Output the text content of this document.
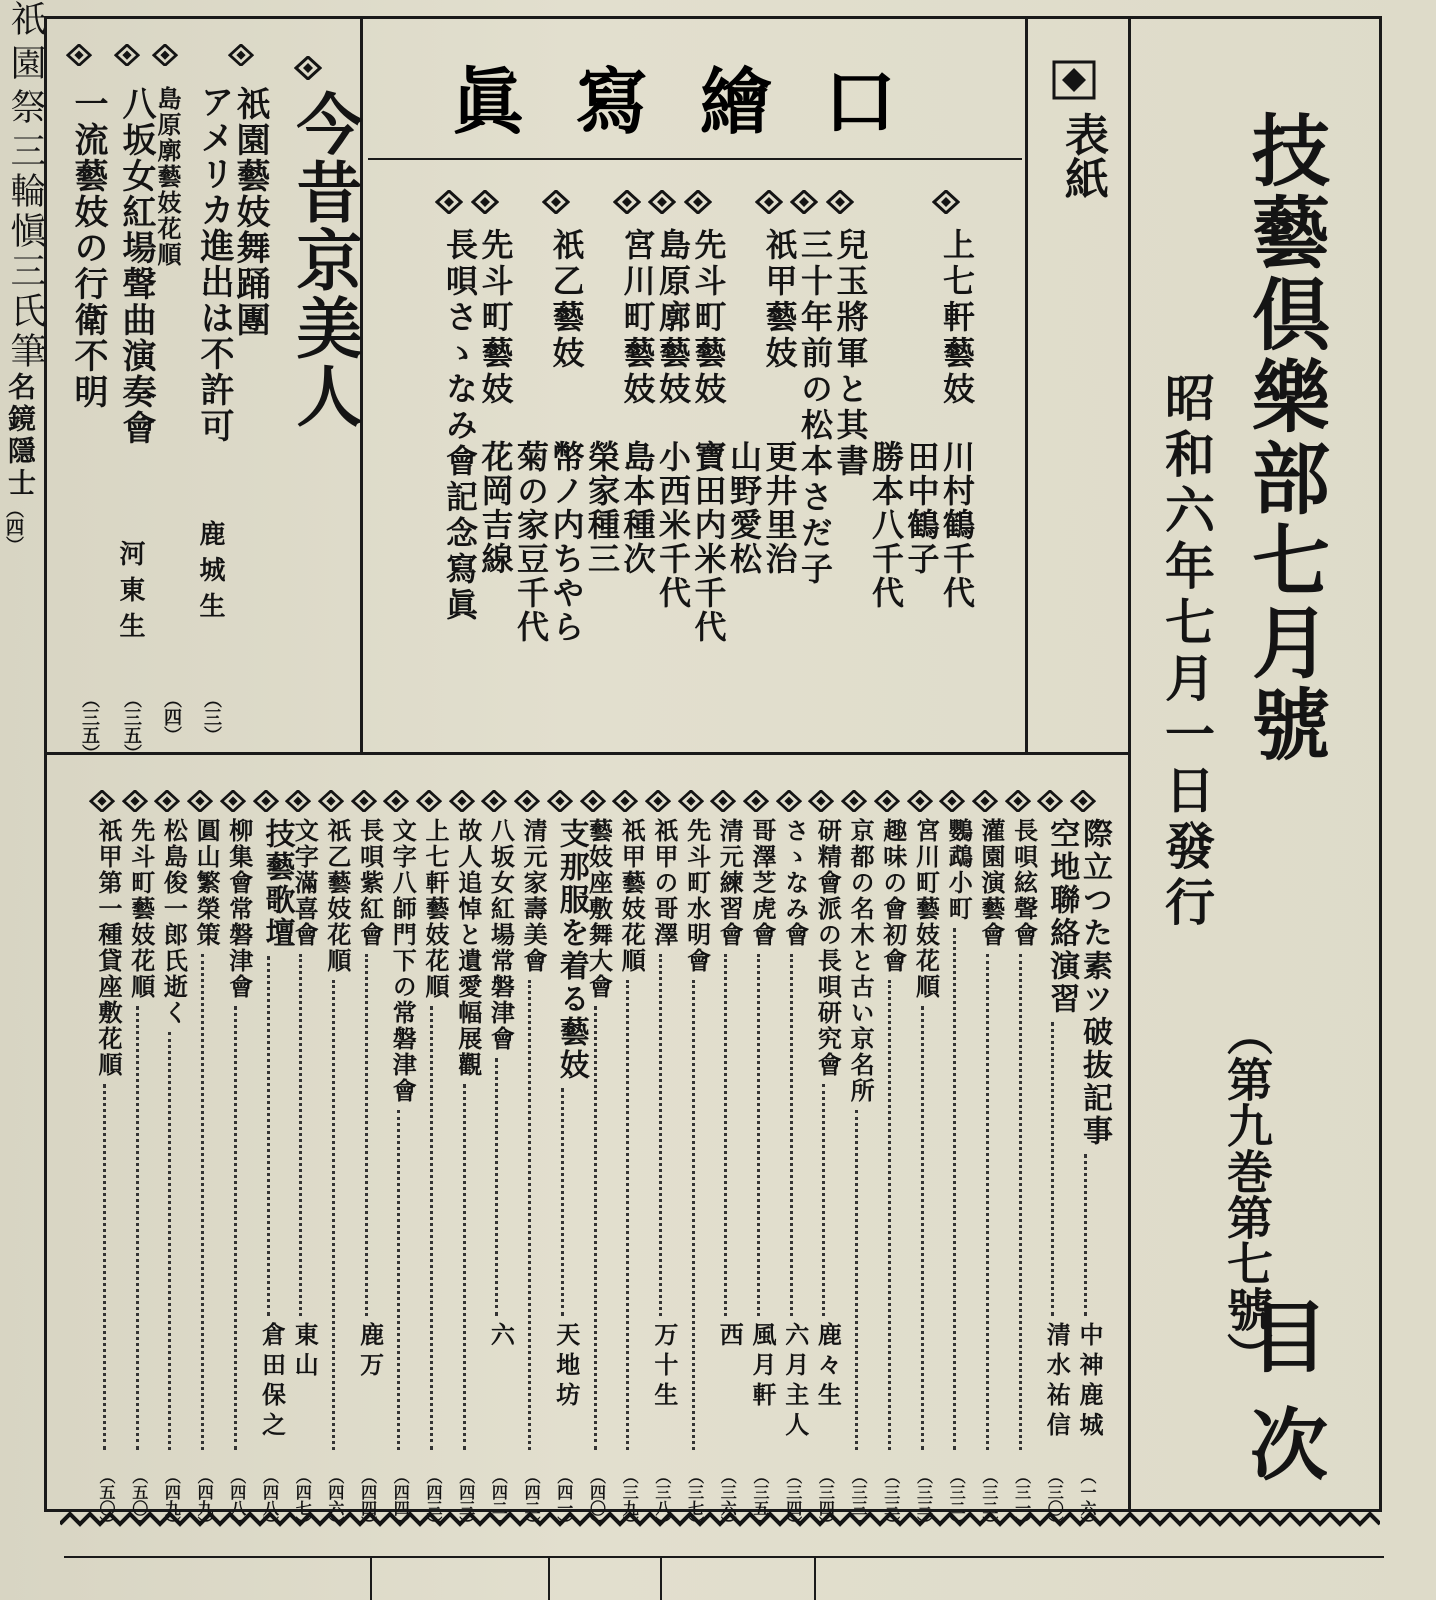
技藝倶樂部七月號
（第九巻第七號）
目次
昭和六年七月一日發行
表紙
祇園祭
三輪愼三氏筆
口繪寫眞
上七軒藝妓
川村鶴千代
田中鶴子
勝本八千代
兒玉將軍と其書
三十年前の松本さだ子
祇甲藝妓
更井里治
山野愛松
先斗町藝妓
寶田内米千代
島原廓藝妓
小西米千代
宮川町藝妓
島本種次
榮家種三
祇乙藝妓
幣ノ内ちやら
菊の家豆千代
先斗町藝妓
花岡吉線
長唄さゝなみ會記念寫眞
今昔京美人
名鏡隱士
（四）
祇園藝妓舞踊團
アメリカ進出は不許可
鹿城生
（三）
島原廓藝妓花順
（四）
八坂女紅場聲曲演奏會
河東生
（三五）
一流藝妓の行衛不明
（三五）
際立つた素ツ破抜記事
中神鹿城
（一六）
空地聯絡演習
清水祐信
（三〇）
長唄絃聲會
（三一）
灌園演藝會
（三二）
鸚鵡小町
（三二）
宮川町藝妓花順
（三三）
趣味の會初會
（三三）
京都の名木と古い京名所
（三三）
研精會派の長唄研究會
鹿々生
（三四）
さゝなみ會
六月主人
（三四）
哥澤芝虎會
風月軒
（三五）
清元練習會
西
（三六）
先斗町水明會
（三七）
祇甲の哥澤
万十生
（三八）
祇甲藝妓花順
（三九）
藝妓座敷舞大會
（四〇）
支那服を着る藝妓
天地坊
（四一）
清元家壽美會
（四二）
八坂女紅場常磐津會
六
（四二）
故人追悼と遺愛幅展觀
（四三）
上七軒藝妓花順
（四三）
文字八師門下の常磐津會
（四四）
長唄紫紅會
鹿万
（四四）
祇乙藝妓花順
（四六）
文字滿喜會
東山
（四七）
技藝歌壇
倉田保之
（四八）
柳集會常磐津會
（四八）
圓山繁榮策
（四九）
松島俊一郎氏逝く
（四九）
先斗町藝妓花順
（五〇）
祇甲第一種貸座敷花順
（五〇）
